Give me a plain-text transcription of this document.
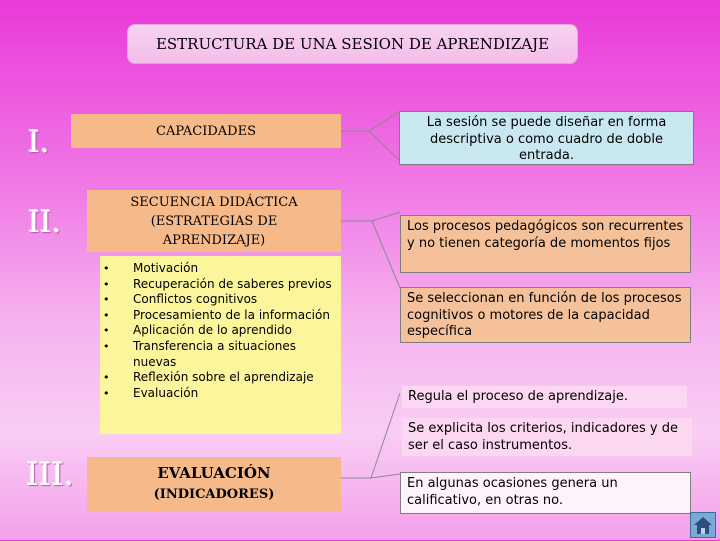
ESTRUCTURA DE UNA SESION DE APRENDIZAJE
I.	CAPACIDADES
II.
SECUENCIA DIDÁCTICA (ESTRATEGIAS DE APRENDIZAJE)
• Motivación
• Recuperación de saberes previos
• Conflictos cognitivos
• Procesamiento de la información
• Aplicación de lo aprendido
• Transferencia a situaciones nuevas
• Reflexión sobre el aprendizaje
• Evaluación
III.	EVALUACIÓN
(INDICADORES)
La sesión se puede diseñar en forma descriptiva o como cuadro de doble entrada.
Los procesos pedagógicos son recurrentes y no tienen categoría de momentos fijos
Se seleccionan en función de los procesos cognitivos o motores de la capacidad específica
Regula el proceso de aprendizaje.
Se explicita los criterios, indicadores y de ser el caso instrumentos.
En algunas ocasiones genera un calificativo, en otras no.
